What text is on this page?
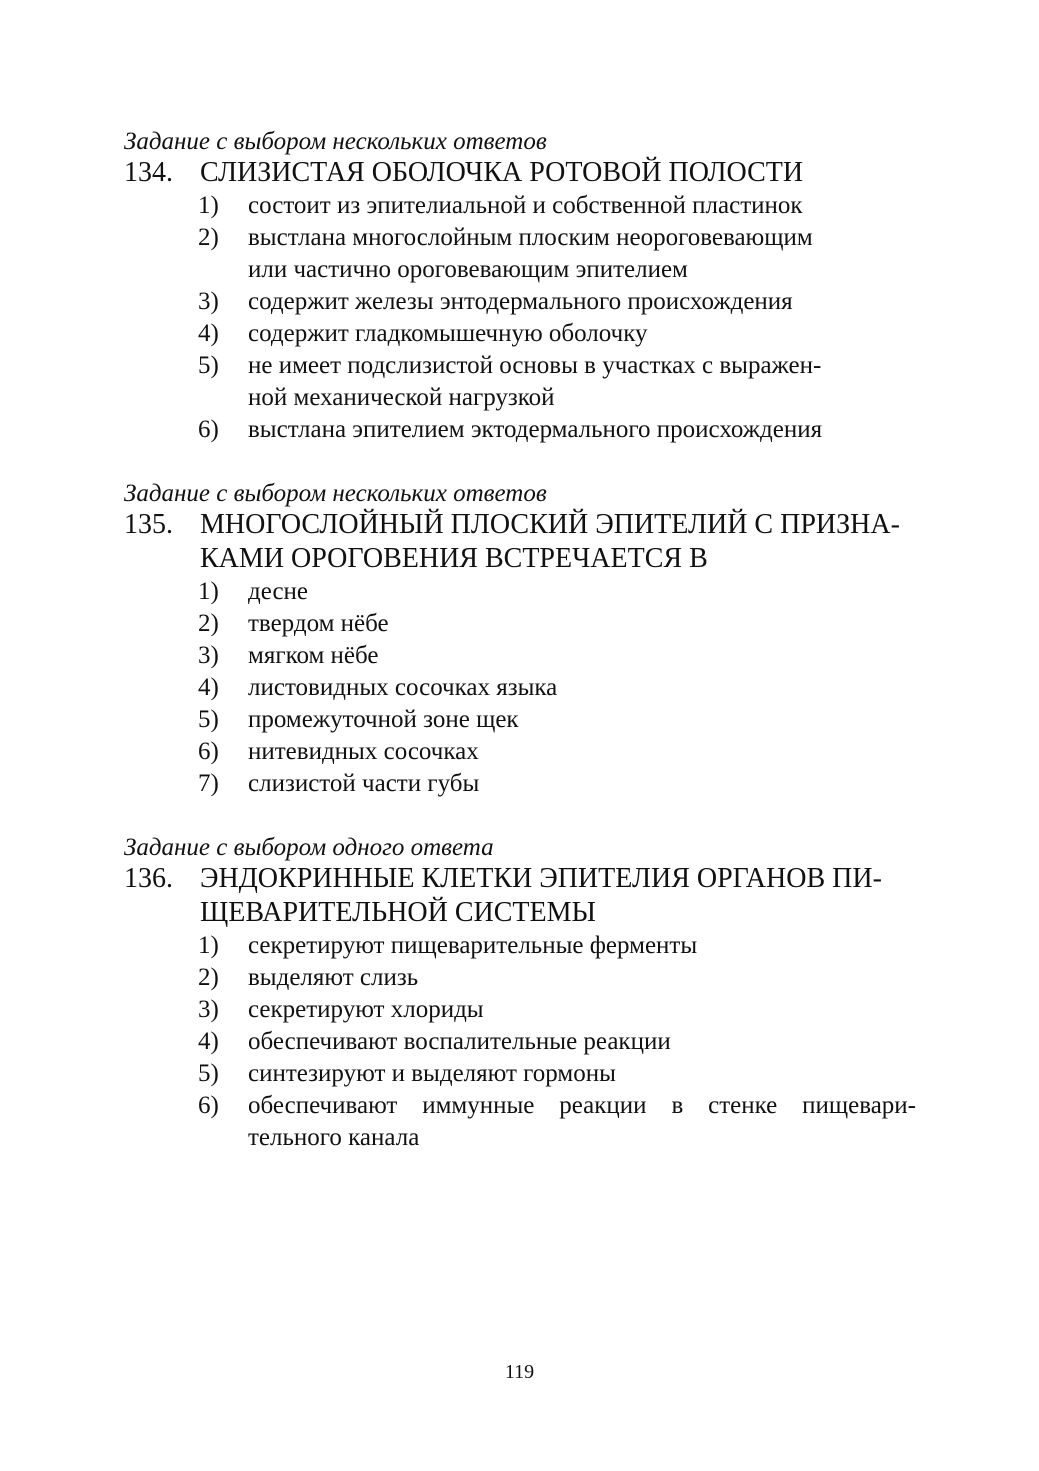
Задание с выбором нескольких ответов
134. СЛИЗИСТАЯ ОБОЛОЧКА РОТОВОЙ ПОЛОСТИ
1)	состоит из эпителиальной и собственной пластинок
2)	выстлана многослойным плоским неороговевающим
или частично ороговевающим эпителием
3)	содержит железы энтодермального происхождения
4)	содержит гладкомышечную оболочку
5)	не имеет подслизистой основы в участках с выражен-
ной механической нагрузкой
6)	выстлана эпителием эктодермального происхождения
Задание с выбором нескольких ответов
135. МНОГОСЛОЙНЫЙ ПЛОСКИЙ ЭПИТЕЛИЙ С ПРИЗНА-
КАМИ ОРОГОВЕНИЯ ВСТРЕЧАЕТСЯ В
1)	десне
2)	твердом нёбе
3)	мягком нёбе
4)	листовидных сосочках языка
5)	промежуточной зоне щек
6)	нитевидных сосочках
7)	слизистой части губы
Задание с выбором одного ответа
136. ЭНДОКРИННЫЕ КЛЕТКИ ЭПИТЕЛИЯ ОРГАНОВ ПИ-
ЩЕВАРИТЕЛЬНОЙ СИСТЕМЫ
1)	секретируют пищеварительные ферменты
2)	выделяют слизь
3)	секретируют хлориды
4)	обеспечивают воспалительные реакции
5)	синтезируют и выделяют гормоны
6)	обеспечивают иммунные реакции в стенке пищевари-
тельного канала
119
